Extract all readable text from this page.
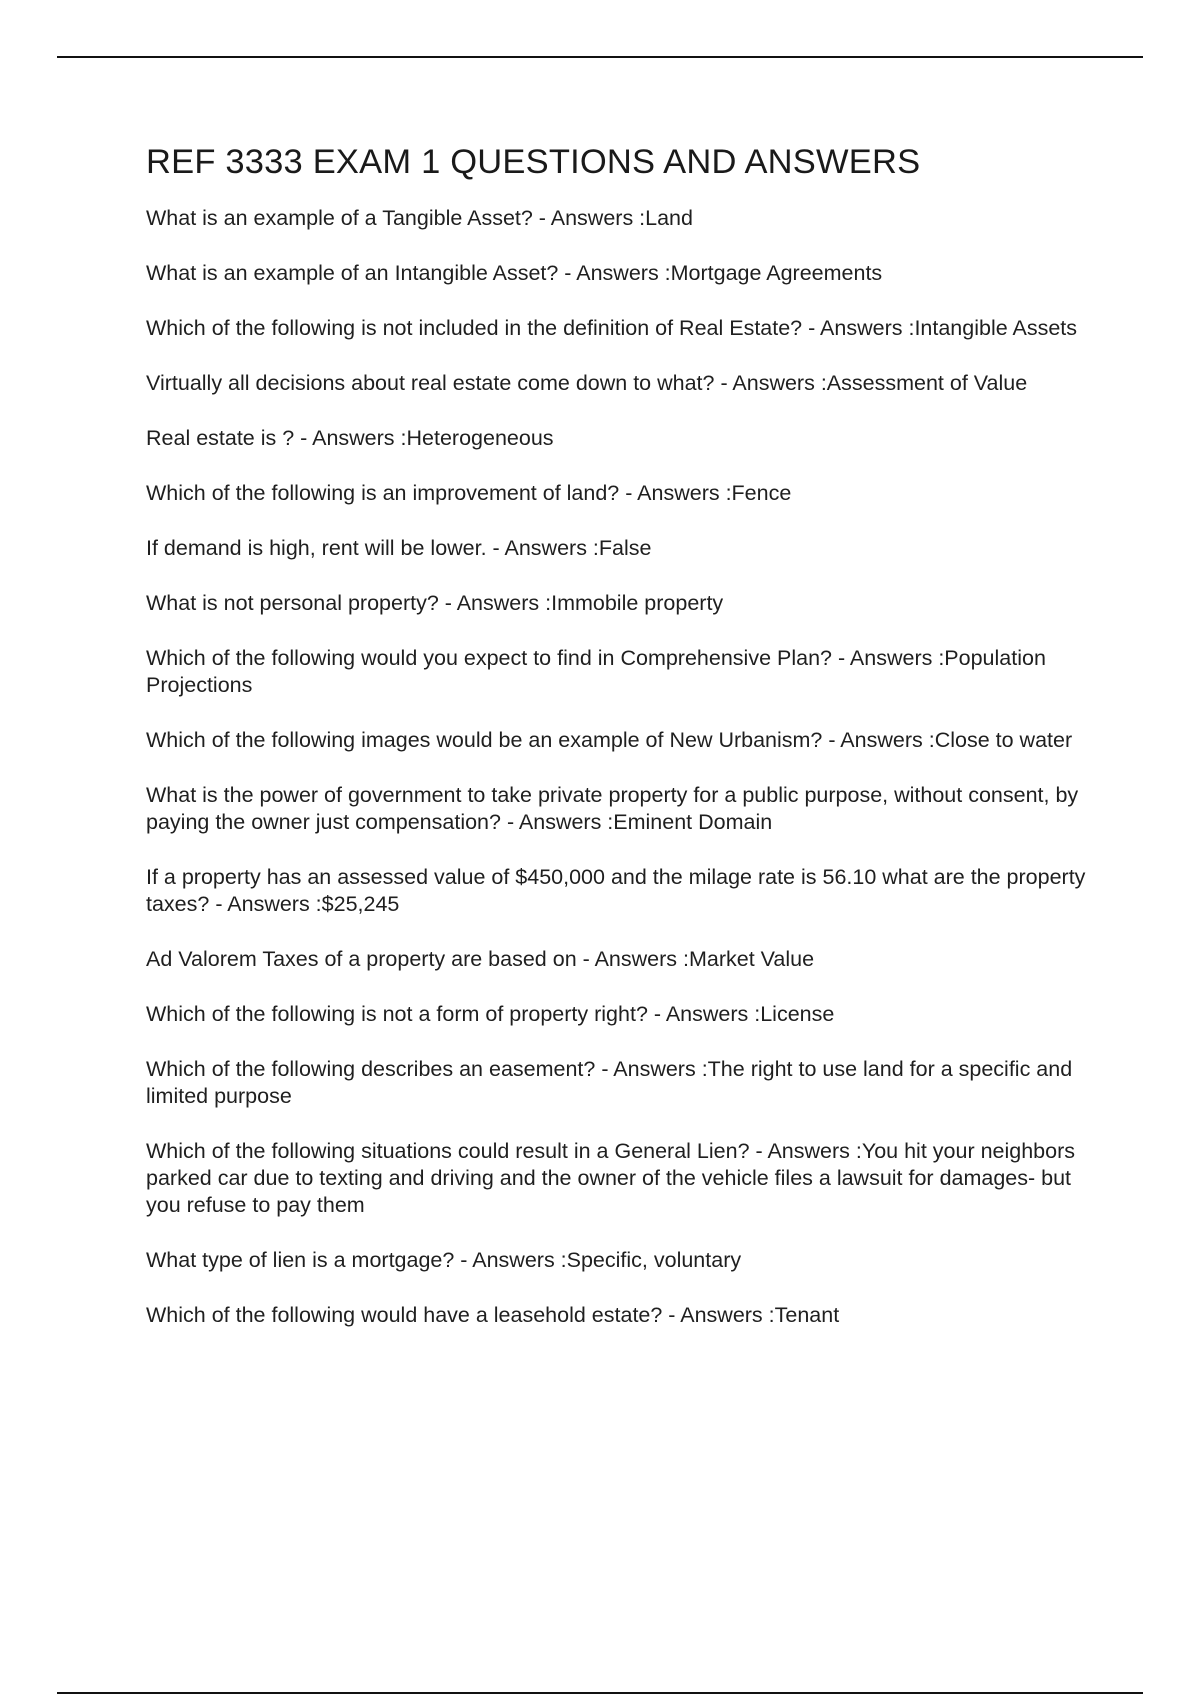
REF 3333 EXAM 1 QUESTIONS AND ANSWERS
What is an example of a Tangible Asset? - Answers :Land
What is an example of an Intangible Asset? - Answers :Mortgage Agreements
Which of the following is not included in the definition of Real Estate? - Answers :Intangible Assets
Virtually all decisions about real estate come down to what? - Answers :Assessment of Value
Real estate is ? - Answers :Heterogeneous
Which of the following is an improvement of land? - Answers :Fence
If demand is high, rent will be lower. - Answers :False
What is not personal property? - Answers :Immobile property
Which of the following would you expect to find in Comprehensive Plan? - Answers :Population Projections
Which of the following images would be an example of New Urbanism? - Answers :Close to water
What is the power of government to take private property for a public purpose, without consent, by paying the owner just compensation? - Answers :Eminent Domain
If a property has an assessed value of $450,000 and the milage rate is 56.10 what are the property taxes? - Answers :$25,245
Ad Valorem Taxes of a property are based on - Answers :Market Value
Which of the following is not a form of property right? - Answers :License
Which of the following describes an easement? - Answers :The right to use land for a specific and limited purpose
Which of the following situations could result in a General Lien? - Answers :You hit your neighbors parked car due to texting and driving and the owner of the vehicle files a lawsuit for damages- but you refuse to pay them
What type of lien is a mortgage? - Answers :Specific, voluntary
Which of the following would have a leasehold estate? - Answers :Tenant
